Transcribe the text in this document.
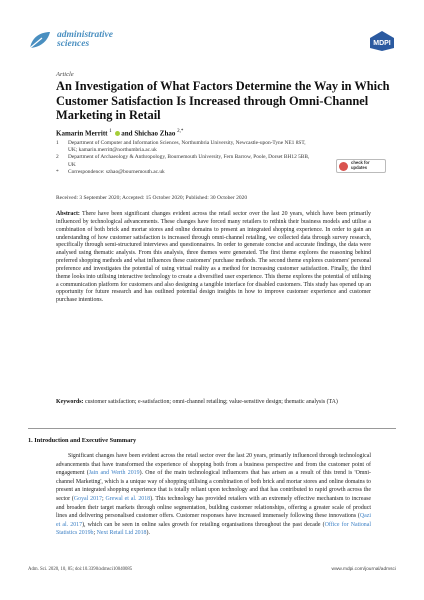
administrative
sciences	MDPI
Article
An Investigation of What Factors Determine the Way in Which Customer Satisfaction Is Increased through Omni-Channel Marketing in Retail
Kamarin Merritt $^1$ and Shichao Zhao $^{2,*}$
1	Department of Computer and Information Sciences, Northumbria University, Newcastle-upon-Tyne NE1 8ST, UK; kamarin.merritt@northumbria.ac.uk
2	Department of Archaeology & Anthropology, Bournemouth University, Fern Barrow, Poole, Dorset BH12 5BB, UK
*	Correspondence: szhao@bournemouth.ac.uk
check for
updates
Received: 3 September 2020; Accepted: 15 October 2020; Published: 30 October 2020
Abstract: There have been significant changes evident across the retail sector over the last 20 years, which have been primarily influenced by technological advancements. These changes have forced many retailers to rethink their business models and utilise a combination of both brick and mortar stores and online domains to present an integrated shopping experience. In order to gain an understanding of how customer satisfaction is increased through omni-channel retailing, we collected data through survey research, specifically through semi-structured interviews and questionnaires. In order to generate concise and accurate findings, the data were analysed using thematic analysis. From this analysis, three themes were generated. The first theme explores the reasoning behind preferred shopping methods and what influences these customers' purchase methods. The second theme explores customers' personal preference and investigates the potential of using virtual reality as a method for increasing customer satisfaction. Finally, the third theme looks into utilising interactive technology to create a diversified user experience. This theme explores the potential of utilising a communication platform for customers and also designing a tangible interface for disabled customers. This study has opened up an opportunity for future research and has outlined potential design insights in how to improve customer experience and customer purchase intentions.
Keywords: customer satisfaction; e-satisfaction; omni-channel retailing; value-sensitive design; thematic analysis (TA)
1. Introduction and Executive Summary
Significant changes have been evident across the retail sector over the last 20 years, primarily influenced through technological advancements that have transformed the experience of shopping both from a business perspective and from the customer point of engagement (Jain and Werth 2019). One of the main technological influencers that has arisen as a result of this trend is 'Omni-channel Marketing', which is a unique way of shopping utilising a combination of both brick and mortar stores and online domains to present an integrated shopping experience that is totally reliant upon technology and that has contributed to rapid growth across the sector (Goyal 2017; Grewal et al. 2018). This technology has provided retailers with an extremely effective mechanism to increase and broaden their target markets through online segmentation, building customer relationships, offering a greater scale of product lines and delivering personalised customer offers. Customer responses have increased immensely following these innovations (Qazi et al. 2017), which can be seen in online sales growth for retailing organisations throughout the past decade (Office for National Statistics 2019b; Next Retail Ltd 2018).
Adm. Sci. 2020, 10, 85; doi:10.3390/admsci10040085	www.mdpi.com/journal/admsci
